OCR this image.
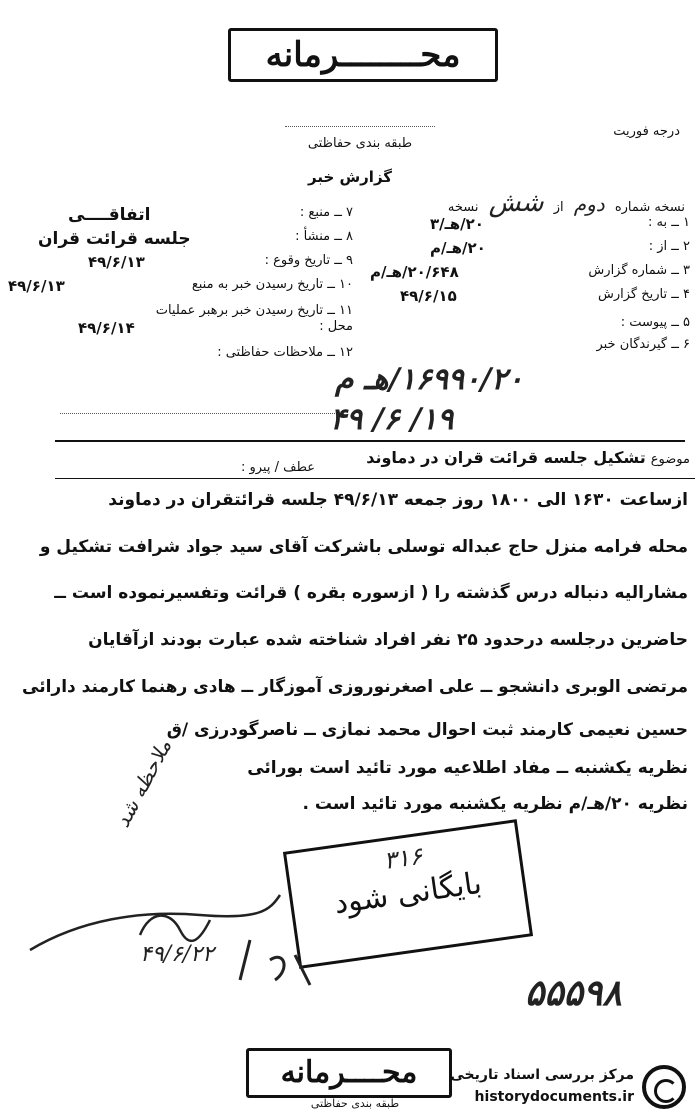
محــــــــرمانه
درجه فوریت
طبقه بندی حفاظتی
گزارش خبر
نسخه شماره دوم از شش نسخه
۱ ــ به :
۲۰/هـ/۳
۲ ــ از :
۲۰/هـ/م
۳ ــ شماره گزارش
۲۰/۶۴۸/هـ/م
۴ ــ تاریخ گزارش
۴۹/۶/۱۵
۵ ــ پیوست :
۶ ــ گیرندگان خبر
۷ ــ منبع :
اتفاقــــی
۸ ــ منشأ :
جلسه قرائت قران
۹ ــ تاریخ وقوع :
۴۹/۶/۱۳
۱۰ ــ تاریخ رسیدن خبر به منبع
۴۹/۶/۱۳
۱۱ ــ تاریخ رسیدن خبر برهبر عملیات
محل :
۴۹/۶/۱۴
۱۲ ــ ملاحظات حفاظتی :
۱۶۹۹۰/۲۰/هـ م
۱۹/ ۶/ ۴۹
موضوع تشکیل جلسه قرائت قران در دماوند
عطف / پیرو :
ازساعت ۱۶۳۰ الی ۱۸۰۰ روز جمعه ۴۹/۶/۱۳ جلسه قرائتقران در دماوند
محله فرامه منزل حاج عبداله توسلی باشرکت آقای سید جواد شرافت تشکیل و
مشارالیه دنباله درس گذشته را ( ازسوره بقره ) قرائت وتفسیرنموده است ــ
حاضرین درجلسه درحدود ۲۵ نفر افراد شناخته شده عبارت بودند ازآقایان
مرتضی الوبری دانشجو ــ علی اصغرنوروزی آموزگار ــ هادی رهنما کارمند دارائی
حسین نعیمی کارمند ثبت احوال محمد نمازی ــ ناصرگودرزی /ق
نظریه یکشنبه ــ مفاد اطلاعیه مورد تائید است بورائی
نظریه ۲۰/هـ/م نظریه یکشنبه مورد تائید است .
۳۱۶
بایگانی شود
ملاحظه شد
۴۹/۶/۲۲
۵۵۵۹۸
محــــرمانه
طبقه بندی حفاظتی
مرکز بررسی اسناد تاریخی
historydocuments.ir
